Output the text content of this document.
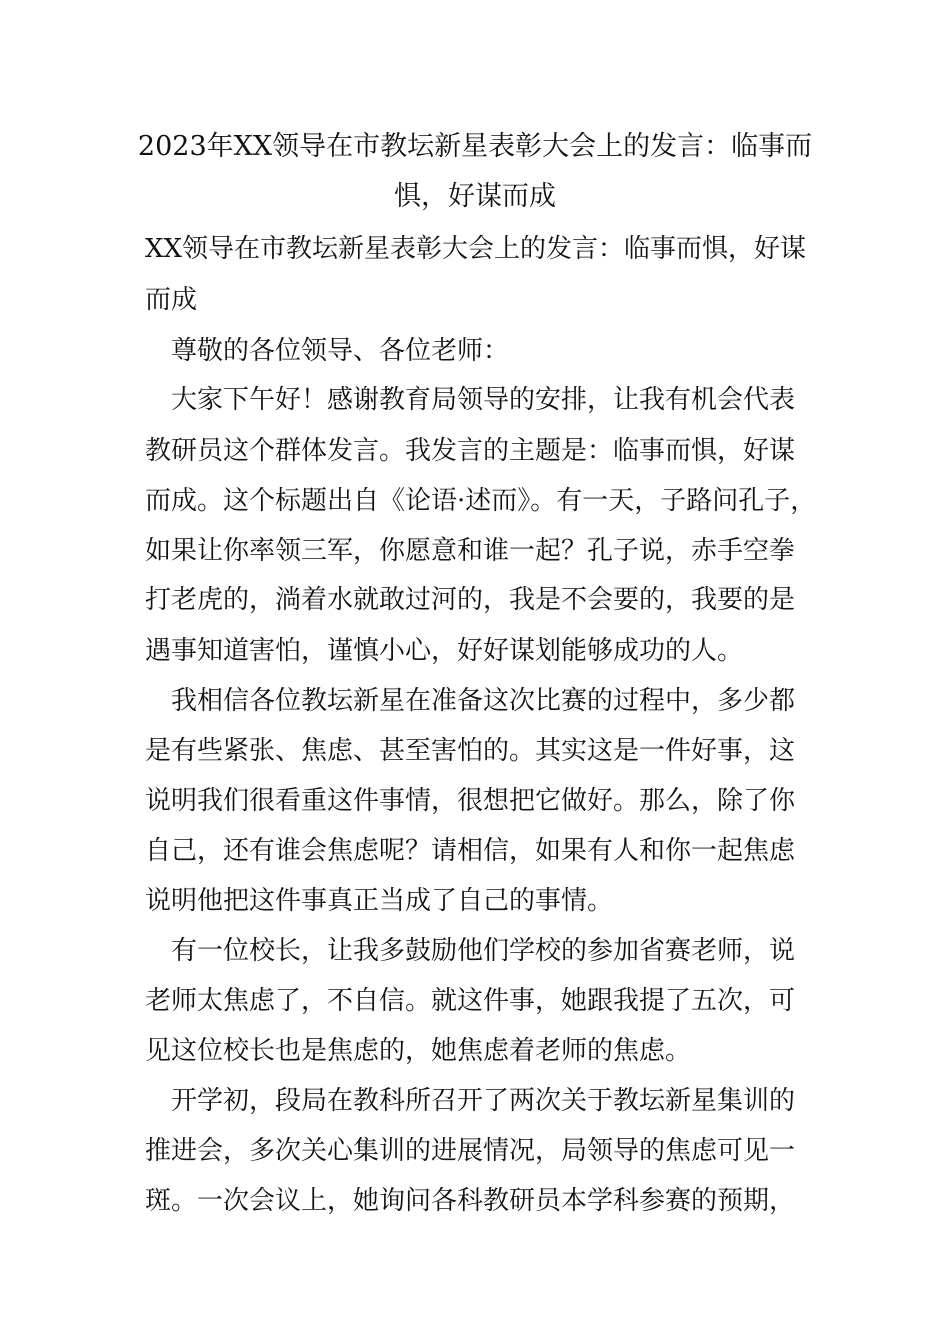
2023年XX领导在市教坛新星表彰大会上的发言：临事而
惧，好谋而成
XX领导在市教坛新星表彰大会上的发言：临事而惧，好谋
而成
　尊敬的各位领导、各位老师：
　大家下午好！感谢教育局领导的安排，让我有机会代表
教研员这个群体发言。我发言的主题是：临事而惧，好谋
而成。这个标题出自《论语·述而》。有一天，子路问孔子，
如果让你率领三军，你愿意和谁一起？孔子说，赤手空拳
打老虎的，淌着水就敢过河的，我是不会要的，我要的是
遇事知道害怕，谨慎小心，好好谋划能够成功的人。
　我相信各位教坛新星在准备这次比赛的过程中，多少都
是有些紧张、焦虑、甚至害怕的。其实这是一件好事，这
说明我们很看重这件事情，很想把它做好。那么，除了你
自己，还有谁会焦虑呢？请相信，如果有人和你一起焦虑
说明他把这件事真正当成了自己的事情。
　有一位校长，让我多鼓励他们学校的参加省赛老师，说
老师太焦虑了，不自信。就这件事，她跟我提了五次，可
见这位校长也是焦虑的，她焦虑着老师的焦虑。
　开学初，段局在教科所召开了两次关于教坛新星集训的
推进会，多次关心集训的进展情况，局领导的焦虑可见一
斑。一次会议上，她询问各科教研员本学科参赛的预期，
